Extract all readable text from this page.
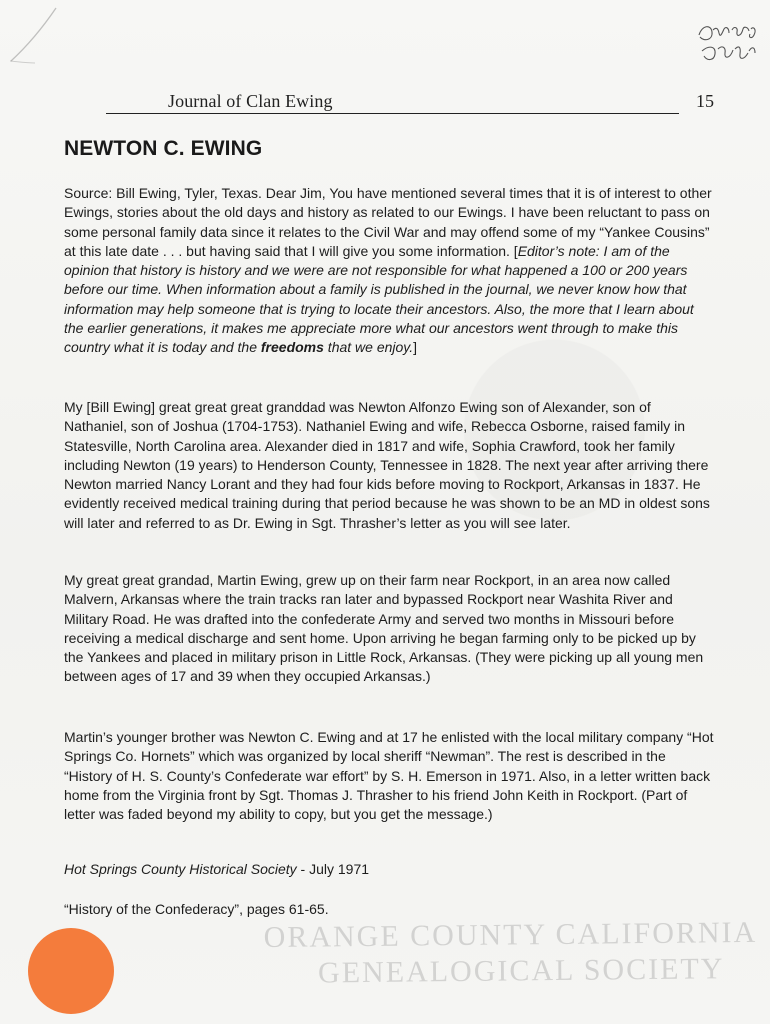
Journal of Clan Ewing	15
NEWTON C. EWING

Source: Bill Ewing, Tyler, Texas. Dear Jim, You have mentioned several times that it is of interest to other Ewings, stories about the old days and history as related to our Ewings. I have been reluctant to pass on some personal family data since it relates to the Civil War and may offend some of my “Yankee Cousins” at this late date . . . but having said that I will give you some information. [Editor’s note: I am of the opinion that history is history and we were are not responsible for what happened a 100 or 200 years before our time. When information about a family is published in the journal, we never know how that information may help someone that is trying to locate their ancestors. Also, the more that I learn about the earlier generations, it makes me appreciate more what our ancestors went through to make this country what it is today and the freedoms that we enjoy.]

My [Bill Ewing] great great great granddad was Newton Alfonzo Ewing son of Alexander, son of Nathaniel, son of Joshua (1704-1753). Nathaniel Ewing and wife, Rebecca Osborne, raised family in Statesville, North Carolina area. Alexander died in 1817 and wife, Sophia Crawford, took her family including Newton (19 years) to Henderson County, Tennessee in 1828. The next year after arriving there Newton married Nancy Lorant and they had four kids before moving to Rockport, Arkansas in 1837. He evidently received medical training during that period because he was shown to be an MD in oldest sons will later and referred to as Dr. Ewing in Sgt. Thrasher’s letter as you will see later.

My great great grandad, Martin Ewing, grew up on their farm near Rockport, in an area now called Malvern, Arkansas where the train tracks ran later and bypassed Rockport near Washita River and Military Road. He was drafted into the confederate Army and served two months in Missouri before receiving a medical discharge and sent home. Upon arriving he began farming only to be picked up by the Yankees and placed in military prison in Little Rock, Arkansas. (They were picking up all young men between ages of 17 and 39 when they occupied Arkansas.)

Martin’s younger brother was Newton C. Ewing and at 17 he enlisted with the local military company “Hot Springs Co. Hornets” which was organized by local sheriff “Newman”. The rest is described in the “History of H. S. County’s Confederate war effort” by S. H. Emerson in 1971. Also, in a letter written back home from the Virginia front by Sgt. Thomas J. Thrasher to his friend John Keith in Rockport. (Part of letter was faded beyond my ability to copy, but you get the message.)

Hot Springs County Historical Society - July 1971

“History of the Confederacy”, pages 61-65.

ORANGE COUNTY CALIFORNIA
GENEALOGICAL SOCIETY
